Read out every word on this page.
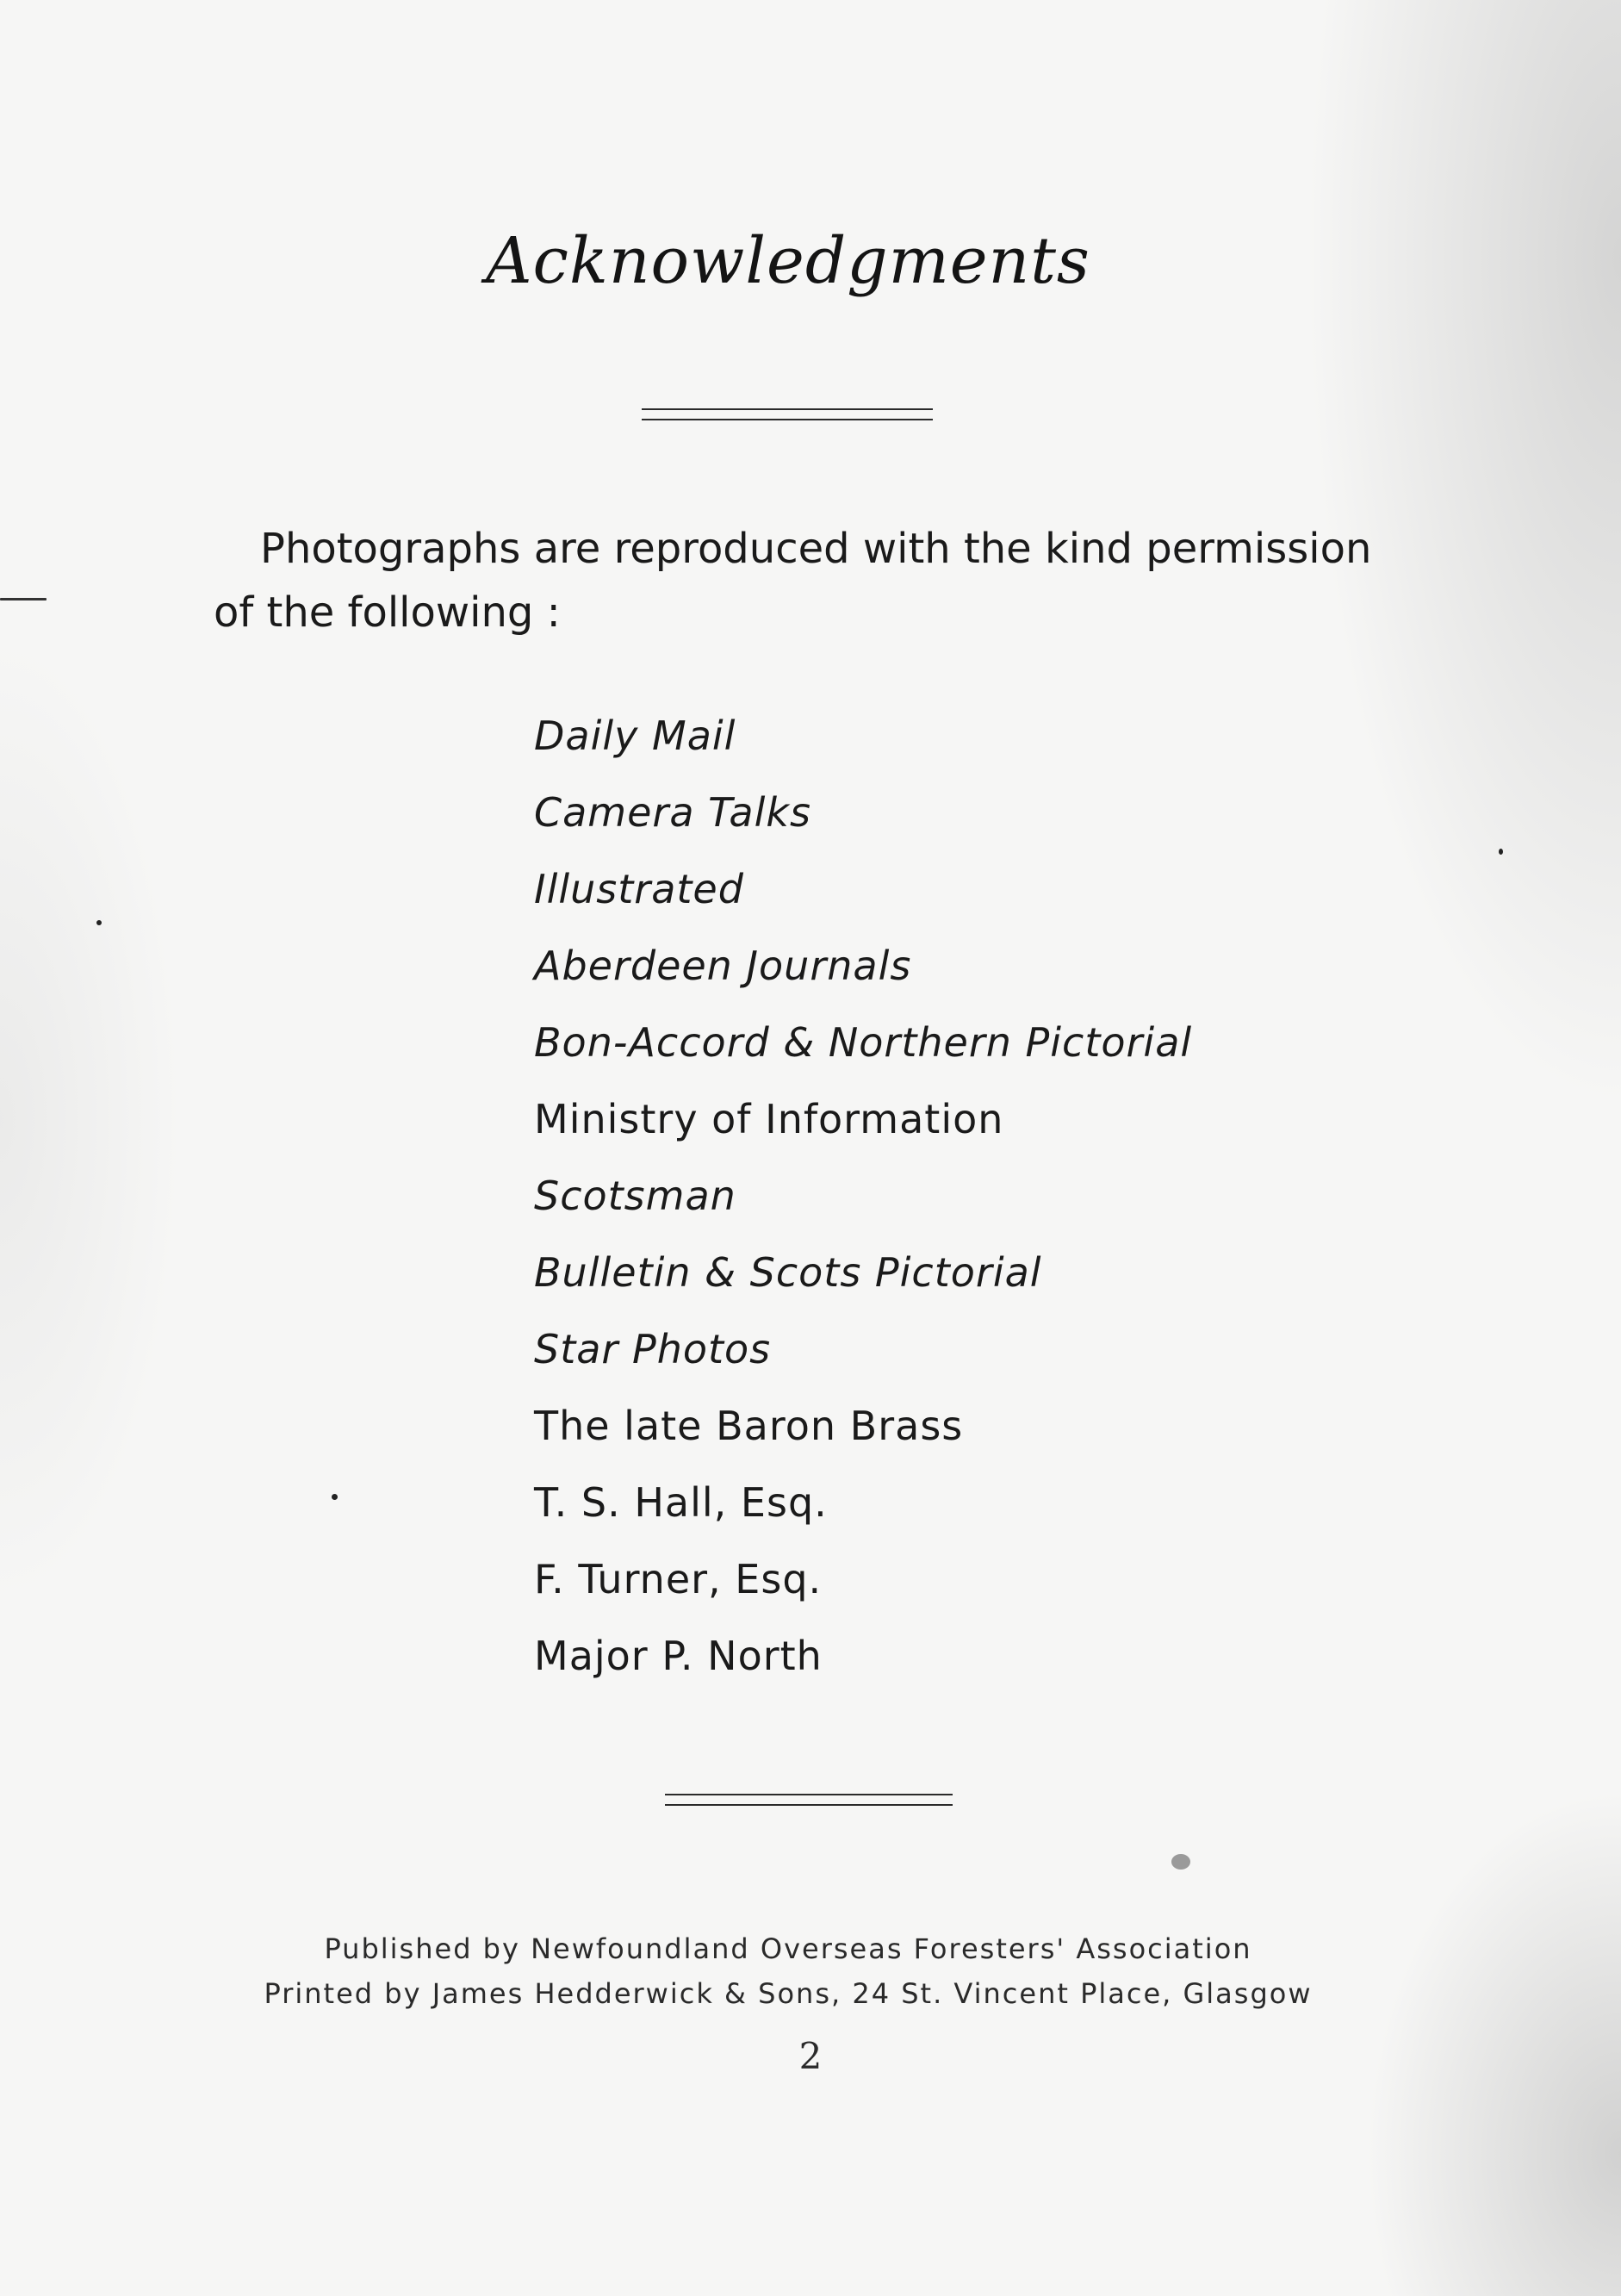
Acknowledgments
Photographs are reproduced with the kind permission
of the following :
Daily Mail
Camera Talks
Illustrated
Aberdeen Journals
Bon-Accord & Northern Pictorial
Ministry of Information
Scotsman
Bulletin & Scots Pictorial
Star Photos
The late Baron Brass
T. S. Hall, Esq.
F. Turner, Esq.
Major P. North
Published by Newfoundland Overseas Foresters' Association
Printed by James Hedderwick & Sons, 24 St. Vincent Place, Glasgow
2
